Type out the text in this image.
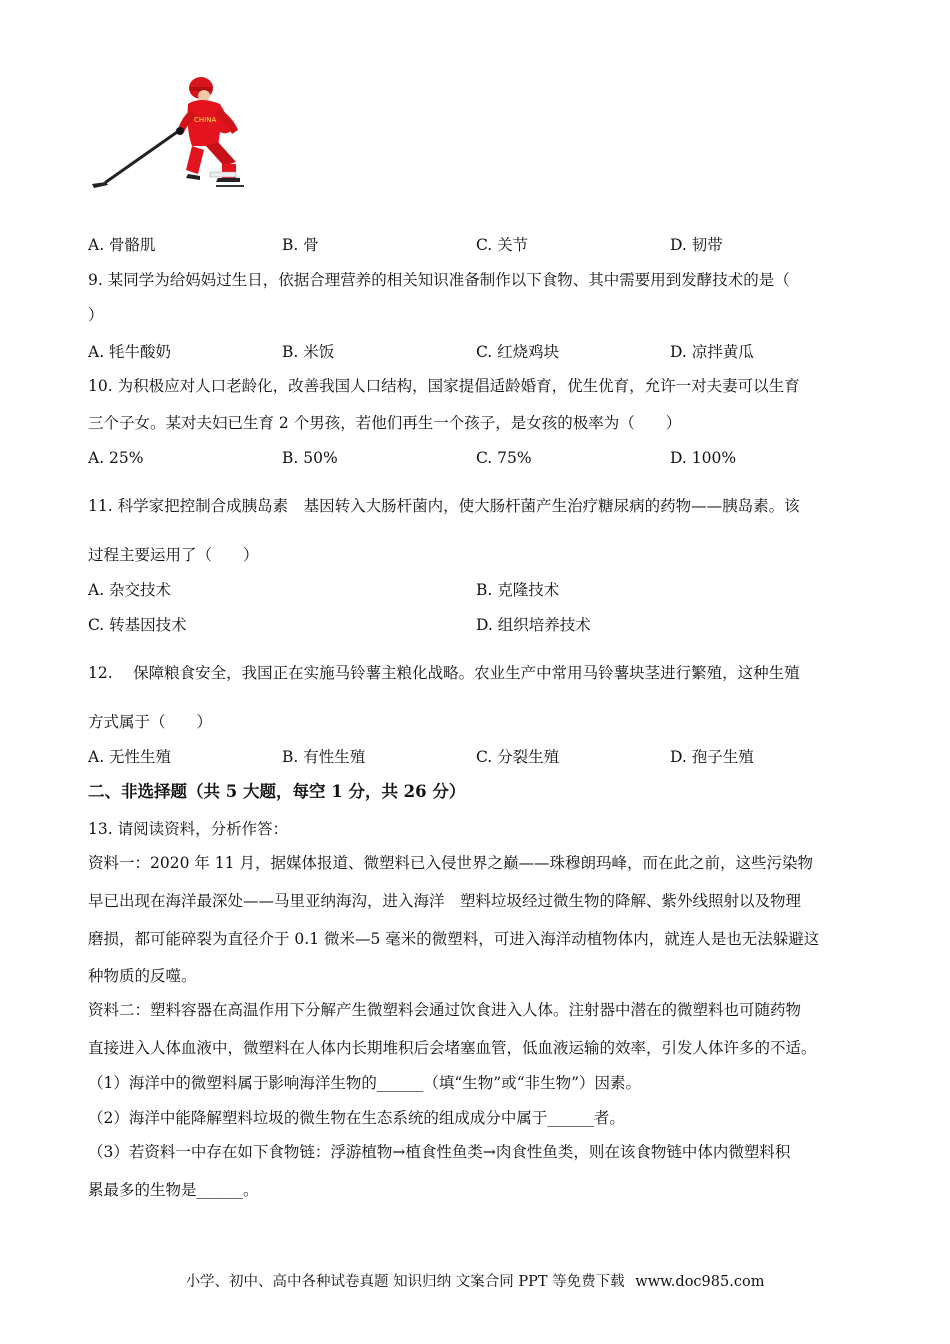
CHINA
A. 骨骼肌	B. 骨	C. 关节	D. 韧带
9. 某同学为给妈妈过生日，依据合理营养的相关知识准备制作以下食物、其中需要用到发酵技术的是（
）
A. 牦牛酸奶	B. 米饭	C. 红烧鸡块	D. 凉拌黄瓜
10. 为积极应对人口老龄化，改善我国人口结构，国家提倡适龄婚育，优生优育，允许一对夫妻可以生育
三个子女。某对夫妇已生育 2 个男孩，若他们再生一个孩子，是女孩的极率为（　　）
A. 25%	B. 50%	C. 75%	D. 100%
11. 科学家把控制合成胰岛素　基因转入大肠杆菌内，使大肠杆菌产生治疗糖尿病的药物——胰岛素。该
过程主要运用了（　　）
A. 杂交技术	B. 克隆技术
C. 转基因技术	D. 组织培养技术
12.　 保障粮食安全，我国正在实施马铃薯主粮化战略。农业生产中常用马铃薯块茎进行繁殖，这种生殖
方式属于（　　）
A. 无性生殖	B. 有性生殖	C. 分裂生殖	D. 孢子生殖
二、非选择题（共 5 大题，每空 1 分，共 26 分）
13. 请阅读资料，分析作答：
资料一：2020 年 11 月，据媒体报道、微塑料已入侵世界之巅——珠穆朗玛峰，而在此之前，这些污染物
早已出现在海洋最深处——马里亚纳海沟，进入海洋　塑料垃圾经过微生物的降解、紫外线照射以及物理
磨损，都可能碎裂为直径介于 0.1 微米—5 毫米的微塑料，可进入海洋动植物体内，就连人是也无法躲避这
种物质的反噬。
资料二：塑料容器在高温作用下分解产生微塑料会通过饮食进入人体。注射器中潜在的微塑料也可随药物
直接进入人体血液中，微塑料在人体内长期堆积后会堵塞血管，低血液运输的效率，引发人体许多的不适。
（1）海洋中的微塑料属于影响海洋生物的______（填“生物”或“非生物”）因素。
（2）海洋中能降解塑料垃圾的微生物在生态系统的组成成分中属于______者。
（3）若资料一中存在如下食物链：浮游植物→植食性鱼类→肉食性鱼类，则在该食物链中体内微塑料积
累最多的生物是______。
小学、初中、高中各种试卷真题 知识归纳 文案合同 PPT 等免费下载 www.doc985.com
